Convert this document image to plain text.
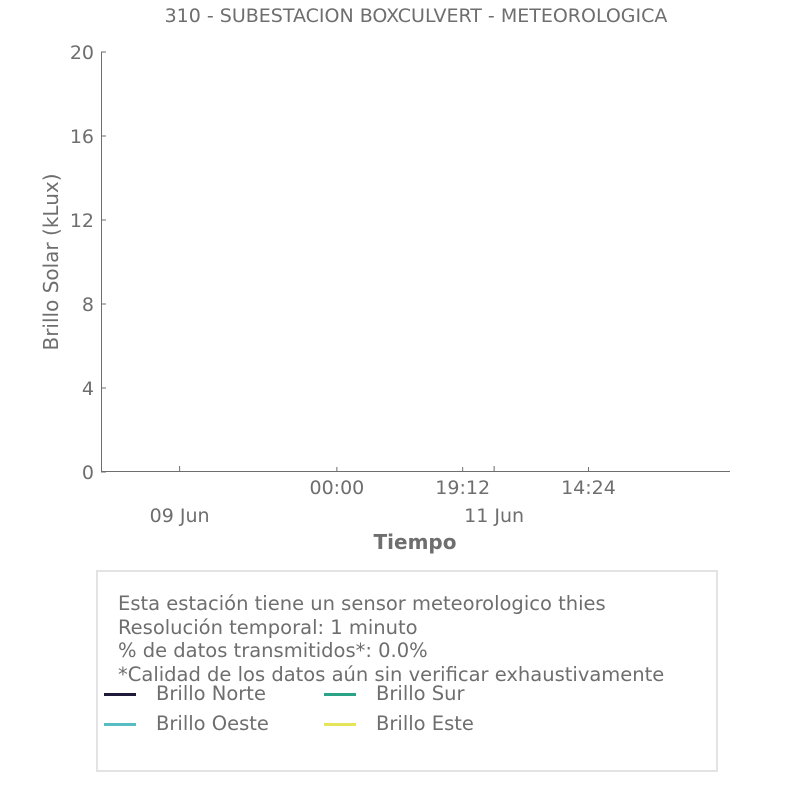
310 - SUBESTACION BOXCULVERT - METEOROLOGICA
0
4
8
12
16
20
00:00	19:12	14:24
09 Jun	11 Jun
Brillo Solar (kLux)
Tiempo
Esta estación tiene un sensor meteorologico thies
Resolución temporal: 1 minuto
% de datos transmitidos*: 0.0%
*Calidad de los datos aún sin verificar exhaustivamente
Brillo Norte	Brillo Sur
Brillo Oeste	Brillo Este
